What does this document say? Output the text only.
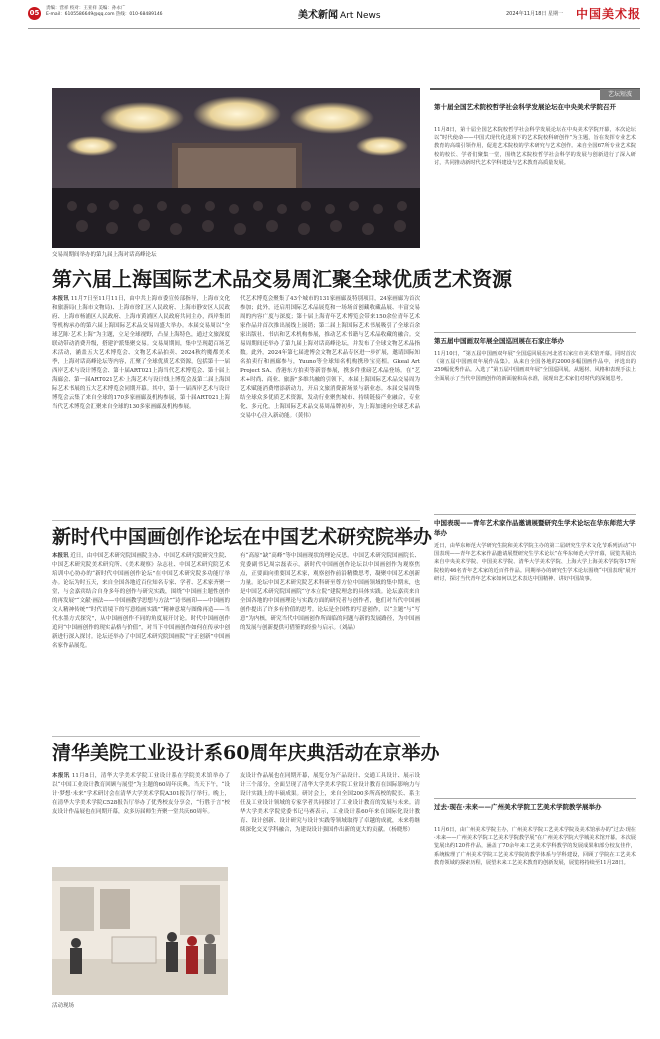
05
责编：营祥 校对：王亚祥 美编：孙永广
E-mail：6105586649@qq.com 热线：010-68489146	美术新闻 Art News	2024年11月18日 星期一 中国美术报
交易周期间举办的第九届上海对话高峰论坛
第六届上海国际艺术品交易周汇聚全球优质艺术资源
本报讯 11月7日至11月11日，由中共上海市委宣传部指导，上海市文化和旅游局(上海市文物局)、上海市徐汇区人民政府、上海市静安区人民政府、上海市杨浦区人民政府、上海市黄浦区人民政府共同主办，西岸集团等机构承办的第六届上海国际艺术品交易周盛大举办。本届交易周以“全球艺陈·艺术上海”为主题，立足全球视野，凸显上海特色，通过文旅深度联动带动消费升级，搭建沪派集聚交易。交易周期间，集中呈现超百场艺术活动，涵盖五大艺术博览会、文物艺术品拍卖、2024秋约魔都美术季，上海对话高峰论坛等内容，汇聚了全球优质艺术资源，包括第十一届西岸艺术与设计博览会、第十届ART021上海当代艺术博览会、第十届上海廊会、第一届ART021艺术·上海艺术与设计线上博览会及第二届上海国际艺术书展的五大艺术博览会同期开幕。其中，第十一届西岸艺术与设计博览会云集了来自全球的170多家画廊及机构参展，第十届ART021上海当代艺术博览会汇聚来自全球的130多家画廊及机构参展。
代艺术博览会聚集了43个城市的131家画廊及特别项目，24家画廊为首次参加；此外，还启用国际艺术品展览和一场场首创藏收藏品展、丰富交易周的内容广度与深度；第十届上海青年艺术博览会带来150余位青年艺术家作品并首次推出展线上展销；第二届上海国际艺术书展吸引了全球百余家出版社、书店和艺术机构参展，推动艺术书籍与艺术品收藏的融合。交易周期间还举办了第九届上海对话高峰论坛，并发布了全球文物艺术品指数。此外，2024年第七届进博会文物艺术品专区进一步扩展，邀请国际知名拍卖行和画廊参与，Yuuno等全球知名机构携珍宝亮相。Gkeal Art Project SA、香港东方拍卖等新晋参展，携多件重磅艺术品登场。在“艺术+时尚、商业、旅游”多维共融的引领下，本届上海国际艺术品交易周为艺术赋能消费增添新动力，开启文旅消费新场景与新业态。本届交易周集结全球众多优质艺术资源，发动行业聚焦城市、持续链接产业融合，专业化、多元化，上海国际艺术品交易周品牌初步，为上海加速向全球艺术品交易中心注入新动能。（黄伟）
新时代中国画创作论坛在中国艺术研究院举办
本报讯 近日，由中国艺术研究院国画院主办、中国艺术研究院研究生院、中国艺术研究院美术研究所、《美术观察》杂志社、中国艺术研究院艺术培训中心协办的“新时代中国画创作论坛”在中国艺术研究院多功能厅举办。论坛为时五天，来自全国各地近百位知名专家、学者、艺术家齐聚一堂，与会嘉宾结合自身多年的创作与研究实践，围绕“中国画主题性创作的再发展”“文献·画法——中国画教学思想与方法”“诗书画印——中国画的文人精神传统”“时代语境下的写意绘画实践”“精神意境与图像再造——当代水墨方式探究”，从中国画创作不同的角度展开讨论。时代中国画创作追问“中国画创作的现实品格与价值”，对当下中国画创作如何在传承中创新进行深入探讨。论坛还举办了中国艺术研究院国画院“守正创新”中国画名家作品展览。
有“高原”缺“高峰”等中国画现状的理论反思。中国艺术研究院国画院长、党委副书记周宗磊表示，新时代中国画创作论坛以中国画创作为观察焦点，正要面向重要国艺术家，观察创作前沿精微思考，凝聚中国艺术创新力量。论坛中国艺术研究院艺术科研至尊方位中国画领域的集中期末，也是中国艺术研究院国画院“守本立院”建院理念的具体实践。论坛嘉宾来自全国各地的中国画理论与实践方面的研究者与创作者，他们对当代中国画创作提出了许多有价值的思考。论坛是全国性的写意创作，以“主题”与“写意”为内核，研究当代中国画创作所面临的问题与新的发展路径，为中国画的发展与创新提供可借鉴的经验与启示。（刘晶）
清华美院工业设计系60周年庆典活动在京举办
本报讯 11月8日，清华大学美术学院工业设计系在学院美术馆举办了以“中国工业设计教育回顾与展望”为主题的60周年庆典。当天下午，“设计·梦想·未来”学术研讨会在清华大学美术学院A301报告厅举行。晚上，在清华大学美术学院C528报告厅举办了优秀校友分享会，“行胜于言”校友设计作品展也在同期开幕，众多历届师生齐聚一堂共庆60周年。
友设计作品展也在同期开幕，展览分为产品设计、交通工具设计、展示设计三个部分，全面呈现了清华大学美术学院工业设计教育在国际影响力与设计实践上的丰硕成果。研讨会上，来自全国200多所高校的院长、系主任及工业设计领域的专家学者共同探讨了工业设计教育的发展与未来。清华大学美术学院党委书记马赛表示，工业设计系60年来在国际化设计教育、设计创新、设计研究与设计实践等领域取得了卓越的成就，未来将继续深化交叉学科融合，为建设设计强国作出新的更大的贡献。（杨晓彤）
活动现场
艺坛短波
第十届全国艺术院校哲学社会科学发展论坛在中央美术学院召开
11月8日，第十届全国艺术院校哲学社会科学发展论坛在中央美术学院开幕，本次论坛以“时代使命——中国式现代化进项下的艺术院校科研创作”为主题，旨在发挥专业艺术教育的高端引领作用，促进艺术院校的学术研究与艺术创作。来自全国67所专业艺术院校的校长、学者们聚集一堂，围绕艺术院校哲学社会科学的发展与创新进行了深入研讨，共同推动新时代艺术学科建设与艺术教育高质量发展。
第五届中国画双年展全国巡回展在石家庄举办
11月10日，“第五届中国画双年展”全国巡回展在河北省石家庄市美术馆开幕。同时首次《第五届中国画双年展作品集》。从来自全国各地的2000多幅国画作品中，评选出的259幅优秀作品。入选了“第五届中国画双年展”全国巡回展。从题材、风格和表现手法上全面展示了当代中国画创作的新面貌和高水准，展现出艺术家们对时代的深刻思考。
中国表现——青年艺术家作品邀请展暨研究生学术论坛在华东师范大学举办
近日，由华东师范大学研究生院和美术学院主办的第二届研究生学术文化节系列活动“中国表现——青年艺术家作品邀请展暨研究生学术论坛”在华东师范大学开幕，展览共展出来自中央美术学院、中国美术学院、清华大学美术学院、上海大学上海美术学院等17所院校的46名青年艺术家的近百件作品。同期举办的研究生学术论坛围绕“中国表现”展开研讨，探讨当代青年艺术家如何以艺术表达中国精神、讲好中国故事。
过去·现在·未来——广州美术学院工艺美术学院教学展举办
11月6日，由广州美术学院主办，广州美术学院工艺美术学院及美术馆承办的“过去·现在·未来——广州美术学院工艺美术学院教学展”在广州美术学院大学城美术馆开幕。本次展览展出约120件作品，涵盖了70余年来工艺美术学科教学的发展成果和部分校友佳作，系统梳理了广州美术学院工艺美术学院的教学体系与学科建设，回顾了学院在工艺美术教育领域的探索历程，展望未来工艺美术教育的创新发展，展览将持续至11月28日。
